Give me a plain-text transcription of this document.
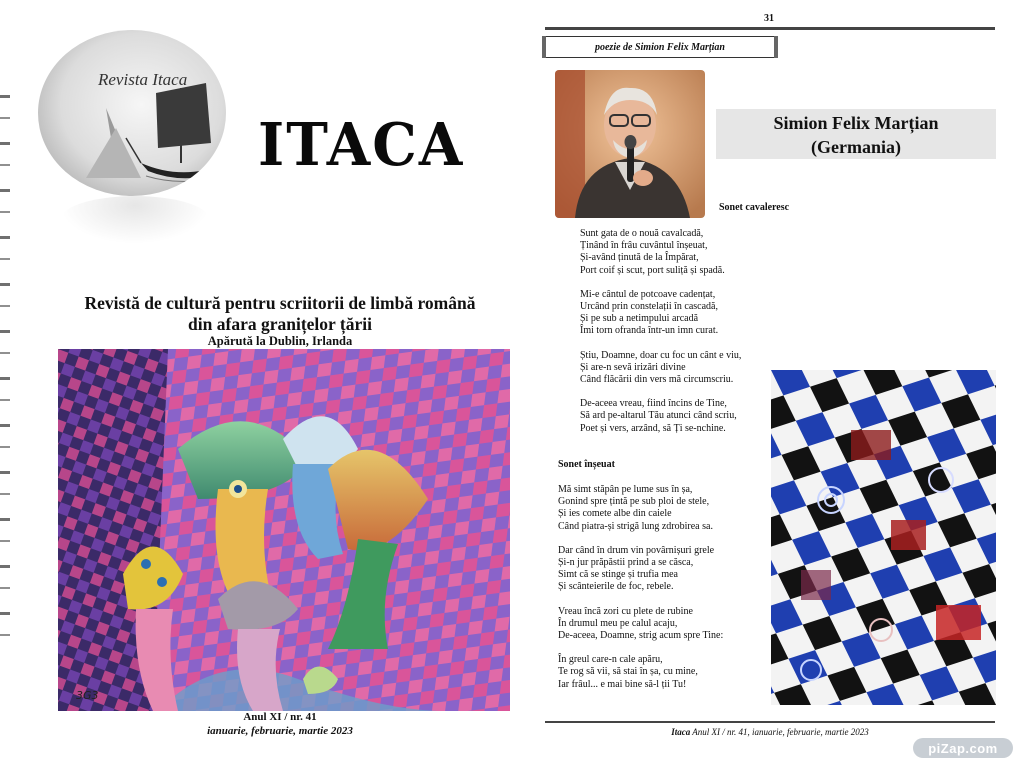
Revista Itaca
ITACA
Revistă de cultură pentru scriitorii de limbă română
din afara granițelor țării
Apărută la Dublin, Irlanda
3G3
Anul XI / nr. 41
ianuarie, februarie, martie 2023
31
poezie de Simion Felix Marțian
Simion Felix Marțian
(Germania)
Sonet cavaleresc
Sunt gata de o nouă cavalcadă,
Ținând în frâu cuvântul înșeuat,
Și-având ținută de la Împărat,
Port coif și scut, port suliță și spadă.
Mi-e cântul de potcoave cadențat,
Urcând prin constelații în cascadă,
Și pe sub a netimpului arcadă
Îmi torn ofranda într-un imn curat.
Știu, Doamne, doar cu foc un cânt e viu,
Și are-n sevă irizări divine
Când flăcării din vers mă circumscriu.
De-aceea vreau, fiind încins de Tine,
Să ard pe-altarul Tău atunci când scriu,
Poet și vers, arzând, să Ți se-nchine.
Sonet înșeuat
Mă simt stăpân pe lume sus în șa,
Gonind spre țintă pe sub ploi de stele,
Și ies comete albe din caiele
Când piatra-și strigă lung zdrobirea sa.
Dar când în drum vin povârnișuri grele
Și-n jur prăpăstii prind a se căsca,
Simt că se stinge și trufia mea
Și scânteierile de foc, rebele.
Vreau încă zori cu plete de rubine
În drumul meu pe calul acaju,
De-aceea, Doamne, strig acum spre Tine:
În greul care-n cale apăru,
Te rog să vii, să stai în șa, cu mine,
Iar frâul... e mai bine să-l ții Tu!
Itaca Anul XI / nr. 41, ianuarie, februarie, martie 2023
piZap.com
